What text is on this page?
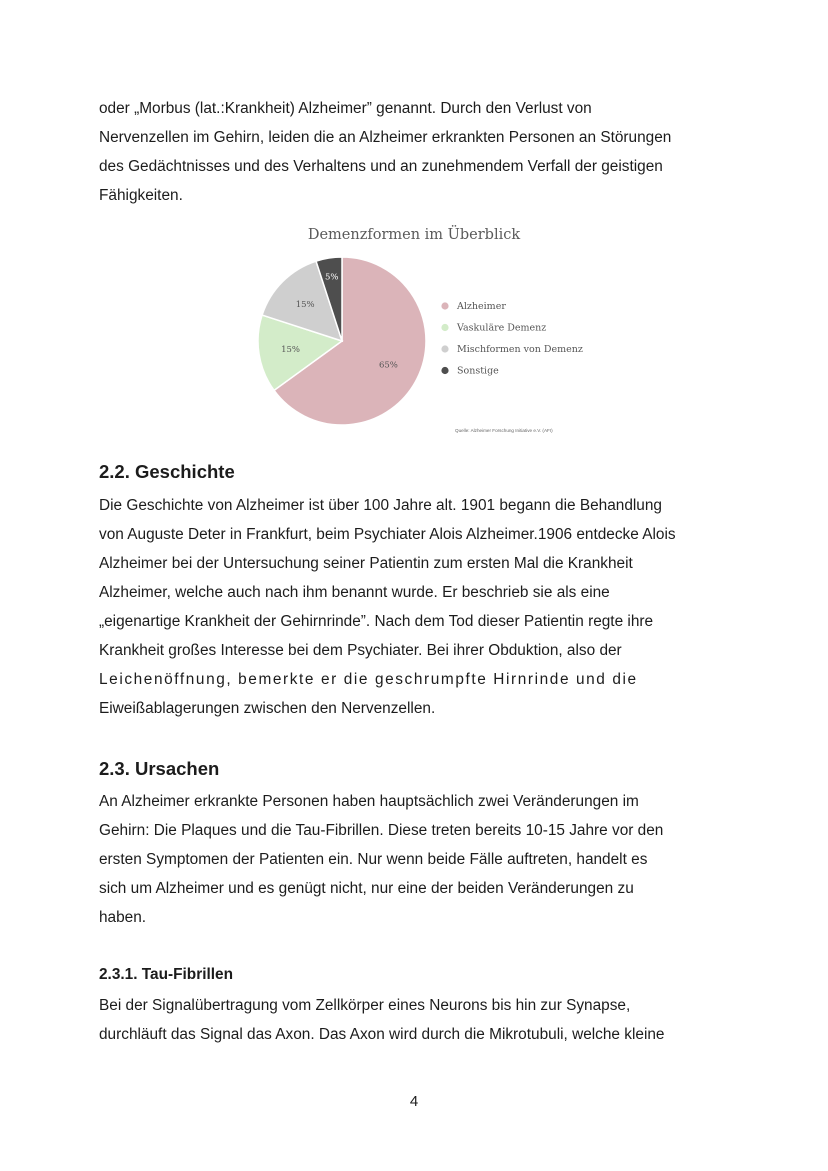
oder „Morbus (lat.:Krankheit) Alzheimer” genannt. Durch den Verlust von
Nervenzellen im Gehirn, leiden die an Alzheimer erkrankten Personen an Störungen
des Gedächtnisses und des Verhaltens und an zunehmendem Verfall der geistigen
Fähigkeiten.
Demenzformen im Überblick
65%
15%
15%
5%
Alzheimer
Vaskuläre Demenz
Mischformen von Demenz
Sonstige
Quelle: Alzheimer Forschung Initiative e.V. (AFI)
2.2. Geschichte
Die Geschichte von Alzheimer ist über 100 Jahre alt. 1901 begann die Behandlung
von Auguste Deter in Frankfurt, beim Psychiater Alois Alzheimer.1906 entdecke Alois
Alzheimer bei der Untersuchung seiner Patientin zum ersten Mal die Krankheit
Alzheimer, welche auch nach ihm benannt wurde. Er beschrieb sie als eine
„eigenartige Krankheit der Gehirnrinde”. Nach dem Tod dieser Patientin regte ihre
Krankheit großes Interesse bei dem Psychiater. Bei ihrer Obduktion, also der
Leichenöffnung, bemerkte er die geschrumpfte Hirnrinde und die
Eiweißablagerungen zwischen den Nervenzellen.
2.3. Ursachen
An Alzheimer erkrankte Personen haben hauptsächlich zwei Veränderungen im
Gehirn: Die Plaques und die Tau-Fibrillen. Diese treten bereits 10-15 Jahre vor den
ersten Symptomen der Patienten ein. Nur wenn beide Fälle auftreten, handelt es
sich um Alzheimer und es genügt nicht, nur eine der beiden Veränderungen zu
haben.
2.3.1. Tau-Fibrillen
Bei der Signalübertragung vom Zellkörper eines Neurons bis hin zur Synapse,
durchläuft das Signal das Axon. Das Axon wird durch die Mikrotubuli, welche kleine
4
